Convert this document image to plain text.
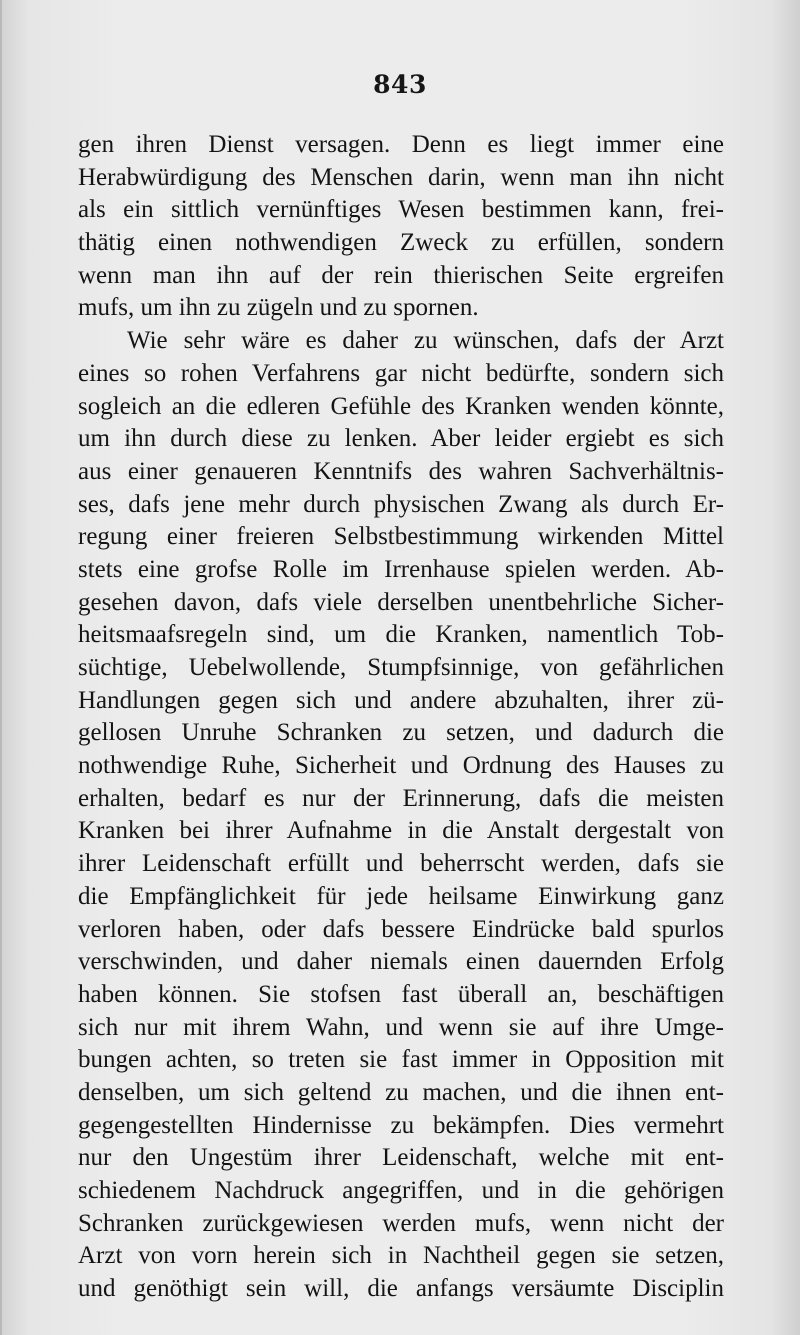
843
gen ihren Dienst versagen. Denn es liegt immer eine
Herabwürdigung des Menschen darin, wenn man ihn nicht
als ein sittlich vernünftiges Wesen bestimmen kann, frei-
thätig einen nothwendigen Zweck zu erfüllen, sondern
wenn man ihn auf der rein thierischen Seite ergreifen
mufs, um ihn zu zügeln und zu spornen.
Wie sehr wäre es daher zu wünschen, dafs der Arzt
eines so rohen Verfahrens gar nicht bedürfte, sondern sich
sogleich an die edleren Gefühle des Kranken wenden könnte,
um ihn durch diese zu lenken. Aber leider ergiebt es sich
aus einer genaueren Kenntnifs des wahren Sachverhältnis-
ses, dafs jene mehr durch physischen Zwang als durch Er-
regung einer freieren Selbstbestimmung wirkenden Mittel
stets eine grofse Rolle im Irrenhause spielen werden. Ab-
gesehen davon, dafs viele derselben unentbehrliche Sicher-
heitsmaafsregeln sind, um die Kranken, namentlich Tob-
süchtige, Uebelwollende, Stumpfsinnige, von gefährlichen
Handlungen gegen sich und andere abzuhalten, ihrer zü-
gellosen Unruhe Schranken zu setzen, und dadurch die
nothwendige Ruhe, Sicherheit und Ordnung des Hauses zu
erhalten, bedarf es nur der Erinnerung, dafs die meisten
Kranken bei ihrer Aufnahme in die Anstalt dergestalt von
ihrer Leidenschaft erfüllt und beherrscht werden, dafs sie
die Empfänglichkeit für jede heilsame Einwirkung ganz
verloren haben, oder dafs bessere Eindrücke bald spurlos
verschwinden, und daher niemals einen dauernden Erfolg
haben können. Sie stofsen fast überall an, beschäftigen
sich nur mit ihrem Wahn, und wenn sie auf ihre Umge-
bungen achten, so treten sie fast immer in Opposition mit
denselben, um sich geltend zu machen, und die ihnen ent-
gegengestellten Hindernisse zu bekämpfen. Dies vermehrt
nur den Ungestüm ihrer Leidenschaft, welche mit ent-
schiedenem Nachdruck angegriffen, und in die gehörigen
Schranken zurückgewiesen werden mufs, wenn nicht der
Arzt von vorn herein sich in Nachtheil gegen sie setzen,
und genöthigt sein will, die anfangs versäumte Disciplin
